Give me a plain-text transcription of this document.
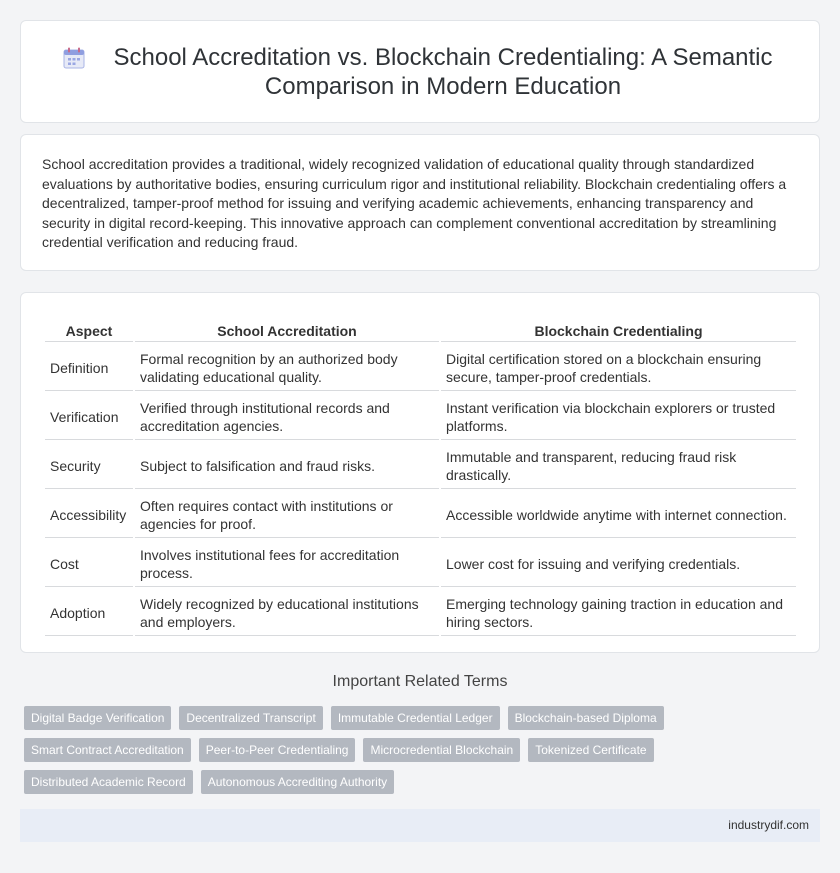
School Accreditation vs. Blockchain Credentialing: A Semantic Comparison in Modern Education

School accreditation provides a traditional, widely recognized validation of educational quality through standardized evaluations by authoritative bodies, ensuring curriculum rigor and institutional reliability. Blockchain credentialing offers a decentralized, tamper-proof method for issuing and verifying academic achievements, enhancing transparency and security in digital record-keeping. This innovative approach can complement conventional accreditation by streamlining credential verification and reducing fraud.

Aspect	School Accreditation	Blockchain Credentialing
Definition	Formal recognition by an authorized body validating educational quality.	Digital certification stored on a blockchain ensuring secure, tamper-proof credentials.
Verification	Verified through institutional records and accreditation agencies.	Instant verification via blockchain explorers or trusted platforms.
Security	Subject to falsification and fraud risks.	Immutable and transparent, reducing fraud risk drastically.
Accessibility	Often requires contact with institutions or agencies for proof.	Accessible worldwide anytime with internet connection.
Cost	Involves institutional fees for accreditation process.	Lower cost for issuing and verifying credentials.
Adoption	Widely recognized by educational institutions and employers.	Emerging technology gaining traction in education and hiring sectors.
Important Related Terms
Digital Badge Verification	Decentralized Transcript	Immutable Credential Ledger	Blockchain-based Diploma
Smart Contract Accreditation	Peer-to-Peer Credentialing	Microcredential Blockchain	Tokenized Certificate
Distributed Academic Record	Autonomous Accrediting Authority
industrydif.com
